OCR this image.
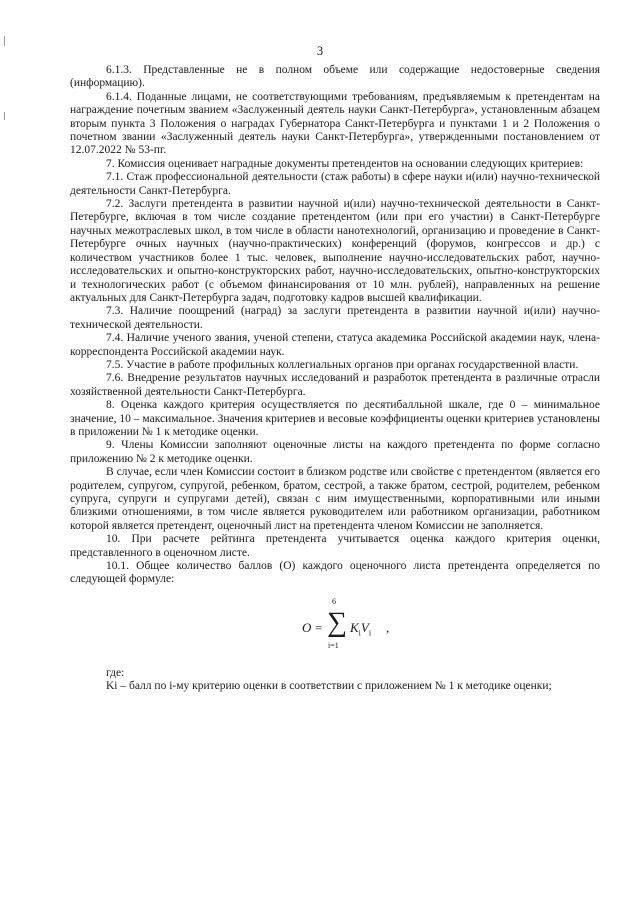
3

6.1.3. Представленные не в полном объеме или содержащие недостоверные сведения (информацию).

6.1.4. Поданные лицами, не соответствующими требованиям, предъявляемым к претендентам на награждение почетным званием «Заслуженный деятель науки Санкт-Петербурга», установленным абзацем вторым пункта 3 Положения о наградах Губернатора Санкт-Петербурга и пунктами 1 и 2 Положения о почетном звании «Заслуженный деятель науки Санкт-Петербурга», утвержденными постановлением от 12.07.2022 № 53-пг.

7. Комиссия оценивает наградные документы претендентов на основании следующих критериев:

7.1. Стаж профессиональной деятельности (стаж работы) в сфере науки и(или) научно-технической деятельности Санкт-Петербурга.

7.2. Заслуги претендента в развитии научной и(или) научно-технической деятельности в Санкт-Петербурге, включая в том числе создание претендентом (или при его участии) в Санкт-Петербурге научных межотраслевых школ, в том числе в области нанотехнологий, организацию и проведение в Санкт-Петербурге очных научных (научно-практических) конференций (форумов, конгрессов и др.) с количеством участников более 1 тыс. человек, выполнение научно-исследовательских работ, научно-исследовательских и опытно-конструкторских работ, научно-исследовательских, опытно-конструкторских и технологических работ (с объемом финансирования от 10 млн. рублей), направленных на решение актуальных для Санкт-Петербурга задач, подготовку кадров высшей квалификации.

7.3. Наличие поощрений (наград) за заслуги претендента в развитии научной и(или) научно-технической деятельности.

7.4. Наличие ученого звания, ученой степени, статуса академика Российской академии наук, члена-корреспондента Российской академии наук.

7.5. Участие в работе профильных коллегиальных органов при органах государственной власти.

7.6. Внедрение результатов научных исследований и разработок претендента в различные отрасли хозяйственной деятельности Санкт-Петербурга.

8. Оценка каждого критерия осуществляется по десятибалльной шкале, где 0 – минимальное значение, 10 – максимальное. Значения критериев и весовые коэффициенты оценки критериев установлены в приложении № 1 к методике оценки.

9. Члены Комиссии заполняют оценочные листы на каждого претендента по форме согласно приложению № 2 к методике оценки.

В случае, если член Комиссии состоит в близком родстве или свойстве с претендентом (является его родителем, супругом, супругой, ребенком, братом, сестрой, а также братом, сестрой, родителем, ребенком супруга, супруги и супругами детей), связан с ним имущественными, корпоративными или иными близкими отношениями, в том числе является руководителем или работником организации, работником которой является претендент, оценочный лист на претендента членом Комиссии не заполняется.

10. При расчете рейтинга претендента учитывается оценка каждого критерия оценки, представленного в оценочном листе.

10.1. Общее количество баллов (О) каждого оценочного листа претендента определяется по следующей формуле:

О =
6
∑
i=1
$K_iV_i$ ,

где:

Ki – балл по i-му критерию оценки в соответствии с приложением № 1 к методике оценки;
